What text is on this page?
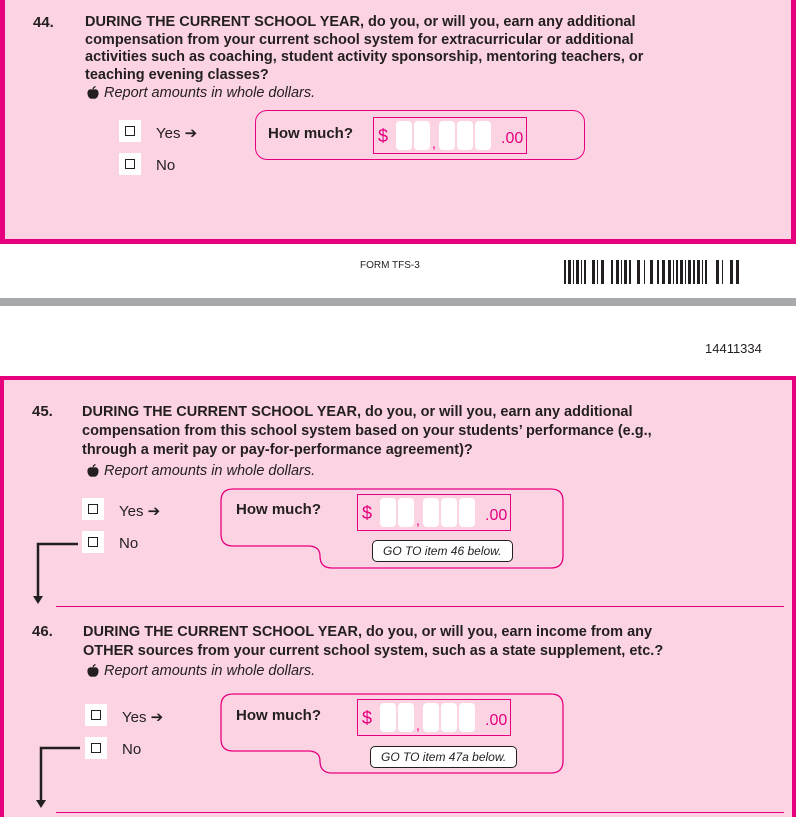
44. DURING THE CURRENT SCHOOL YEAR, do you, or will you, earn any additional
compensation from your current school system for extracurricular or additional
activities such as coaching, student activity sponsorship, mentoring teachers, or
teaching evening classes?
Report amounts in whole dollars.
Yes ➔
No
How much? $	,	.00
FORM TFS-3
14411334
45. DURING THE CURRENT SCHOOL YEAR, do you, or will you, earn any additional
compensation from this school system based on your students’ performance (e.g.,
through a merit pay or pay-for-performance agreement)?
Report amounts in whole dollars.
Yes ➔
No
How much? $	,	.00
GO TO item 46 below.
46. DURING THE CURRENT SCHOOL YEAR, do you, or will you, earn income from any
OTHER sources from your current school system, such as a state supplement, etc.?
Report amounts in whole dollars.
Yes ➔
No
How much? $	,	.00
GO TO item 47a below.
